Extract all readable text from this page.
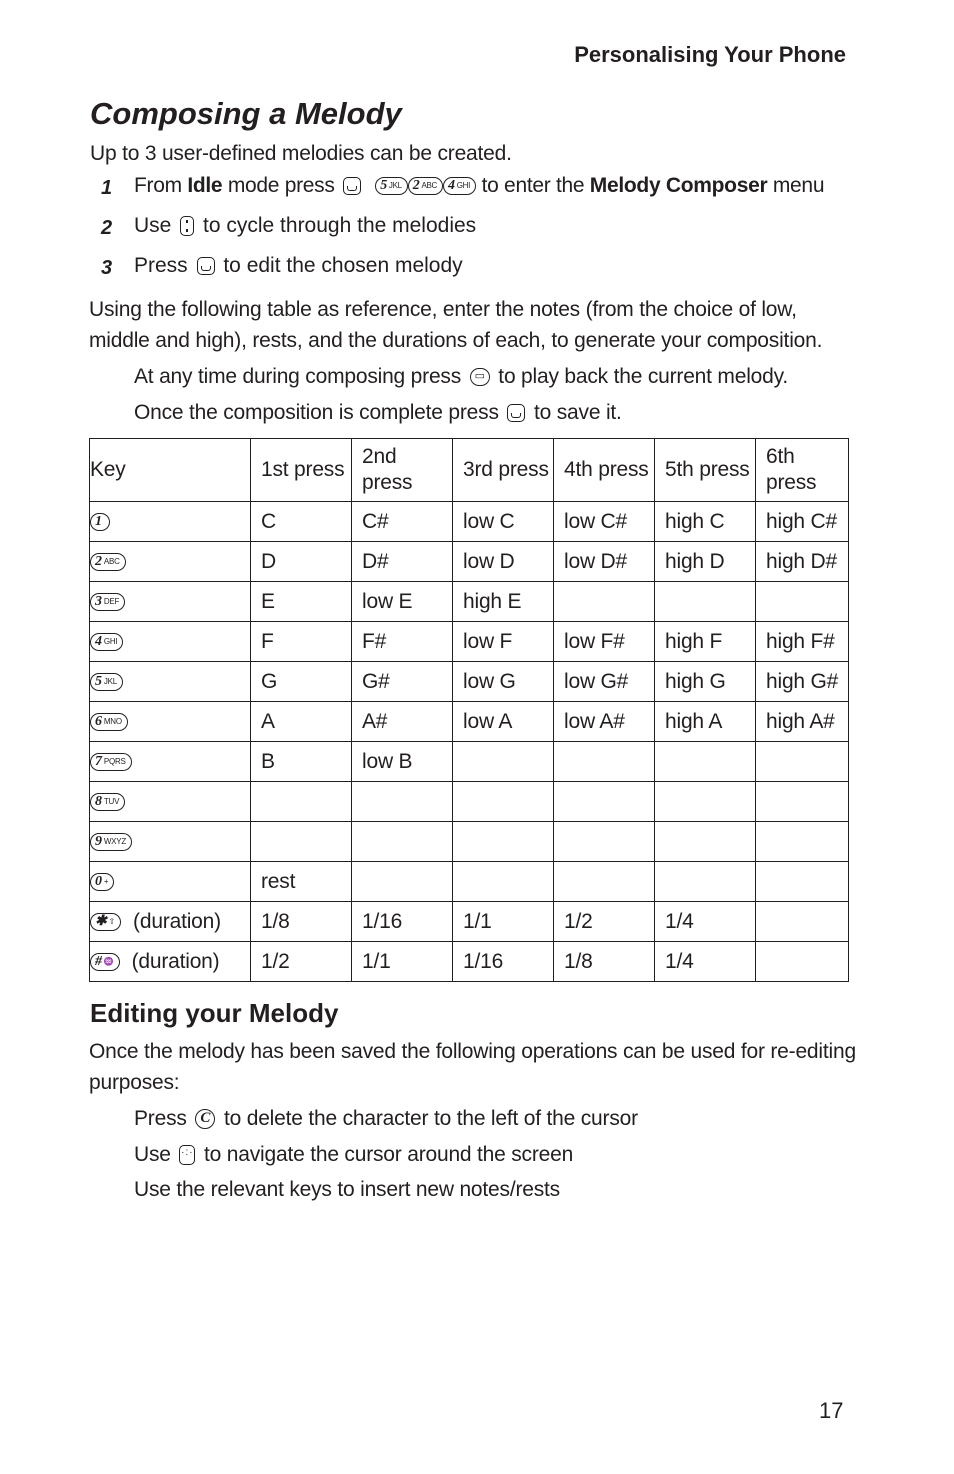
Personalising Your Phone
Composing a Melody
Up to 3 user-defined melodies can be created.
1 From Idle mode press	5 JKL 2 ABC 4 GHI to enter the Melody Composer menu
2 Use  to cycle through the melodies
3 Press  to edit the chosen melody
Using the following table as reference, enter the notes (from the choice of low, middle and high), rests, and the durations of each, to generate your composition.
At any time during composing press ▭ to play back the current melody.
Once the composition is complete press  to save it.
Key	1st press	2nd press	3rd press	4th press	5th press	6th press
1	C	C#	low C	low C#	high C	high C#
2 ABC	D	D#	low D	low D#	high D	high D#
3 DEF	E	low E	high E			
4 GHI	F	F#	low F	low F#	high F	high F#
5 JKL	G	G#	low G	low G#	high G	high G#
6 MNO	A	A#	low A	low A#	high A	high A#
7 PQRS	B	low B				
8 TUV						
9 WXYZ						
0 +	rest					
✱ ⇧ (duration)	1/8	1/16	1/1	1/2	1/4	
# ♒ (duration)	1/2	1/1	1/16	1/8	1/4	
Editing your Melody
Once the melody has been saved the following operations can be used for re-editing purposes:
Press C to delete the character to the left of the cursor
Use ·:· to navigate the cursor around the screen
Use the relevant keys to insert new notes/rests
17
